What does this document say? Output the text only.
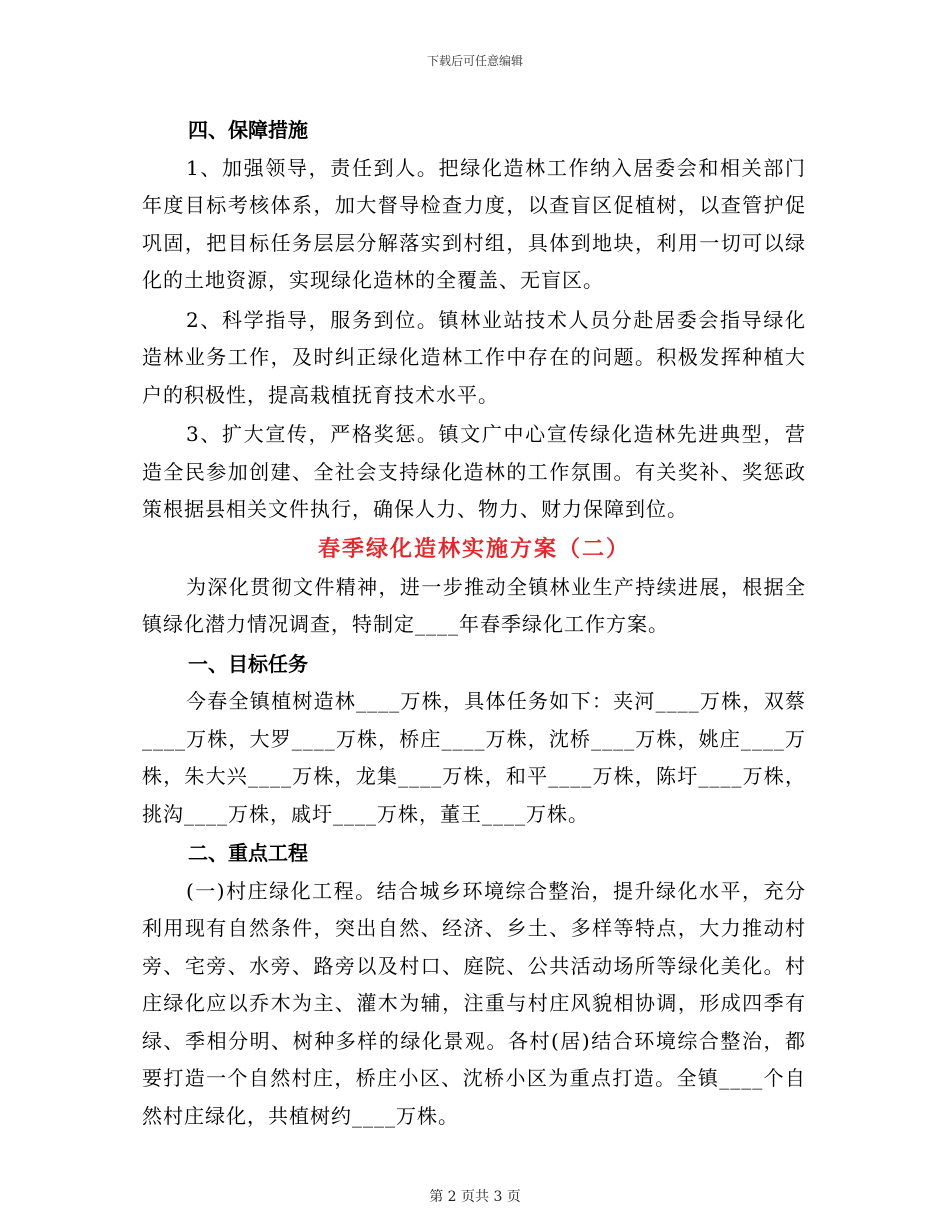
下载后可任意编辑
四、保障措施
1、加强领导，责任到人。把绿化造林工作纳入居委会和相关部门年度目标考核体系，加大督导检查力度，以查盲区促植树，以查管护促巩固，把目标任务层层分解落实到村组，具体到地块，利用一切可以绿化的土地资源，实现绿化造林的全覆盖、无盲区。
2、科学指导，服务到位。镇林业站技术人员分赴居委会指导绿化造林业务工作，及时纠正绿化造林工作中存在的问题。积极发挥种植大户的积极性，提高栽植抚育技术水平。
3、扩大宣传，严格奖惩。镇文广中心宣传绿化造林先进典型，营造全民参加创建、全社会支持绿化造林的工作氛围。有关奖补、奖惩政策根据县相关文件执行，确保人力、物力、财力保障到位。
春季绿化造林实施方案（二）
为深化贯彻文件精神，进一步推动全镇林业生产持续进展，根据全镇绿化潜力情况调查，特制定____年春季绿化工作方案。
一、目标任务
今春全镇植树造林____万株，具体任务如下：夹河____万株，双蔡____万株，大罗____万株，桥庄____万株，沈桥____万株，姚庄____万株，朱大兴____万株，龙集____万株，和平____万株，陈圩____万株，挑沟____万株，戚圩____万株，董王____万株。
二、重点工程
(一)村庄绿化工程。结合城乡环境综合整治，提升绿化水平，充分利用现有自然条件，突出自然、经济、乡土、多样等特点，大力推动村旁、宅旁、水旁、路旁以及村口、庭院、公共活动场所等绿化美化。村庄绿化应以乔木为主、灌木为辅，注重与村庄风貌相协调，形成四季有绿、季相分明、树种多样的绿化景观。各村(居)结合环境综合整治，都要打造一个自然村庄，桥庄小区、沈桥小区为重点打造。全镇____个自然村庄绿化，共植树约____万株。
第 2 页共 3 页
